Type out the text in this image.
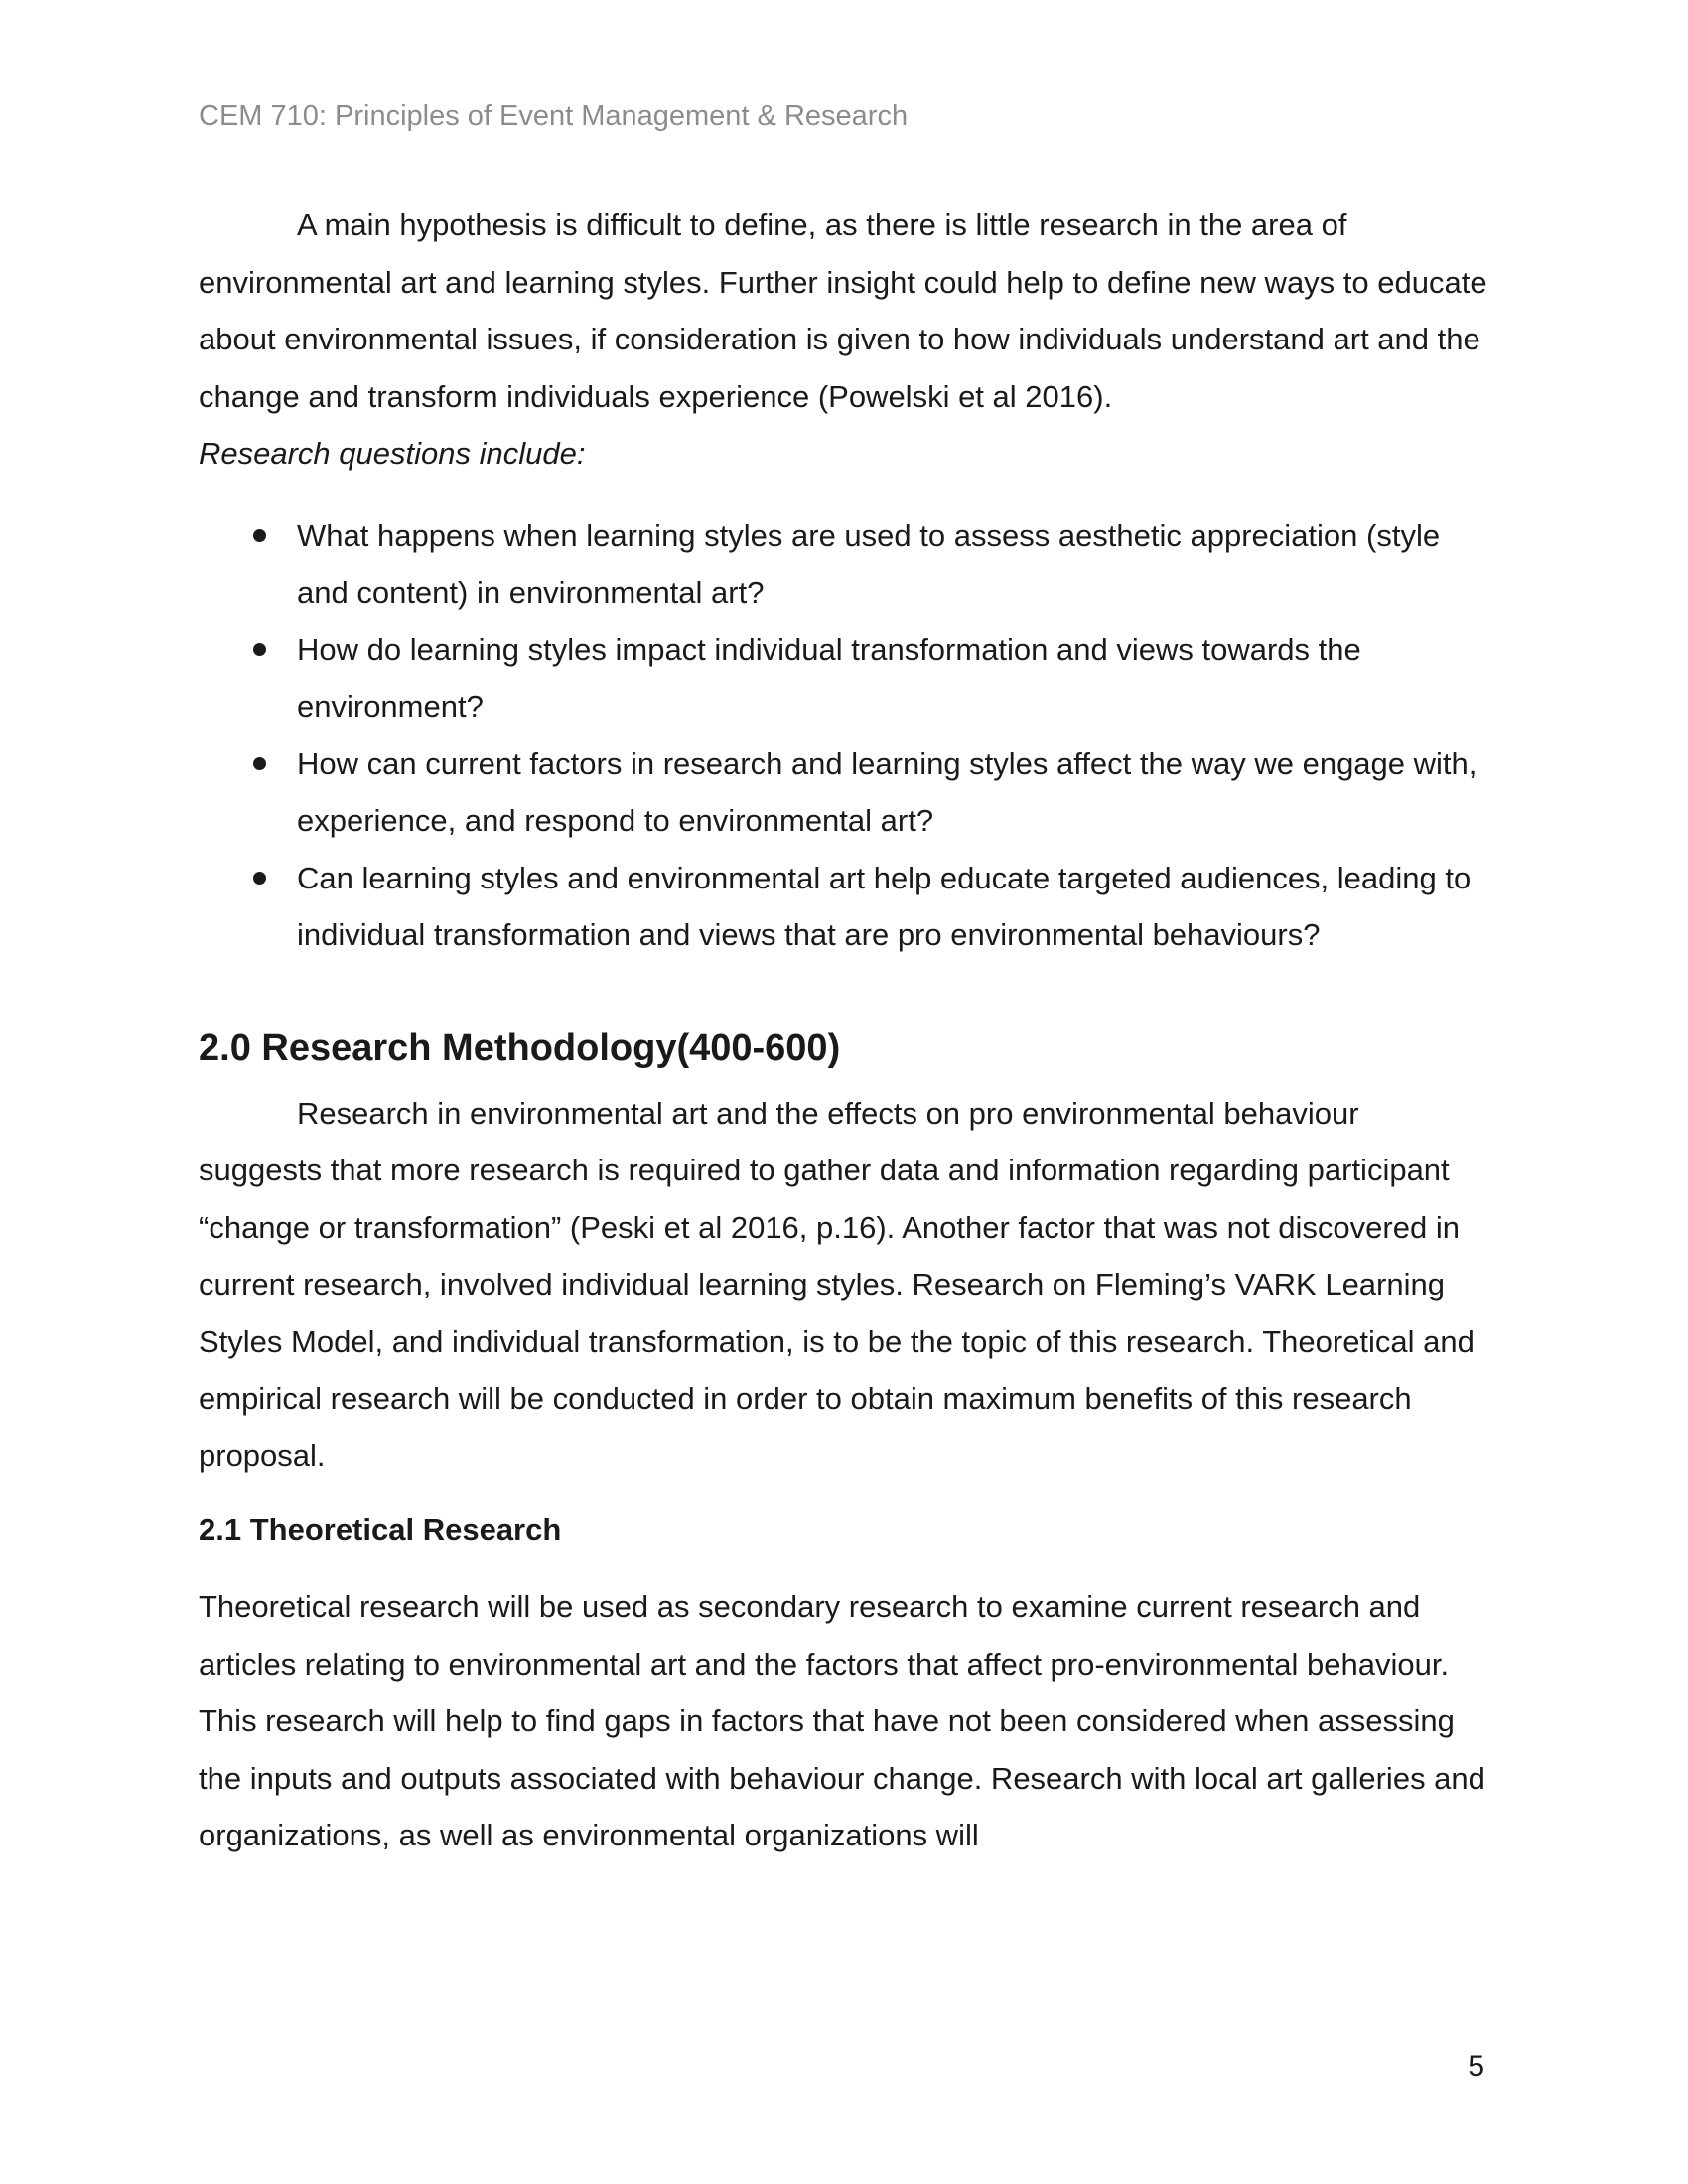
CEM 710: Principles of Event Management & Research

A main hypothesis is difficult to define, as there is little research in the area of environmental art and learning styles. Further insight could help to define new ways to educate about environmental issues, if consideration is given to how individuals understand art and the change and transform individuals experience (Powelski et al 2016).

Research questions include:

What happens when learning styles are used to assess aesthetic appreciation (style and content) in environmental art?
How do learning styles impact individual transformation and views towards the environment?
How can current factors in research and learning styles affect the way we engage with, experience, and respond to environmental art?
Can learning styles and environmental art help educate targeted audiences, leading to individual transformation and views that are pro environmental behaviours?
2.0 Research Methodology(400-600)

Research in environmental art and the effects on pro environmental behaviour suggests that more research is required to gather data and information regarding participant “change or transformation” (Peski et al 2016, p.16). Another factor that was not discovered in current research, involved individual learning styles. Research on Fleming’s VARK Learning Styles Model, and individual transformation, is to be the topic of this research. Theoretical and empirical research will be conducted in order to obtain maximum benefits of this research proposal.

2.1 Theoretical Research

Theoretical research will be used as secondary research to examine current research and articles relating to environmental art and the factors that affect pro-environmental behaviour. This research will help to find gaps in factors that have not been considered when assessing the inputs and outputs associated with behaviour change. Research with local art galleries and organizations, as well as environmental organizations will

5
